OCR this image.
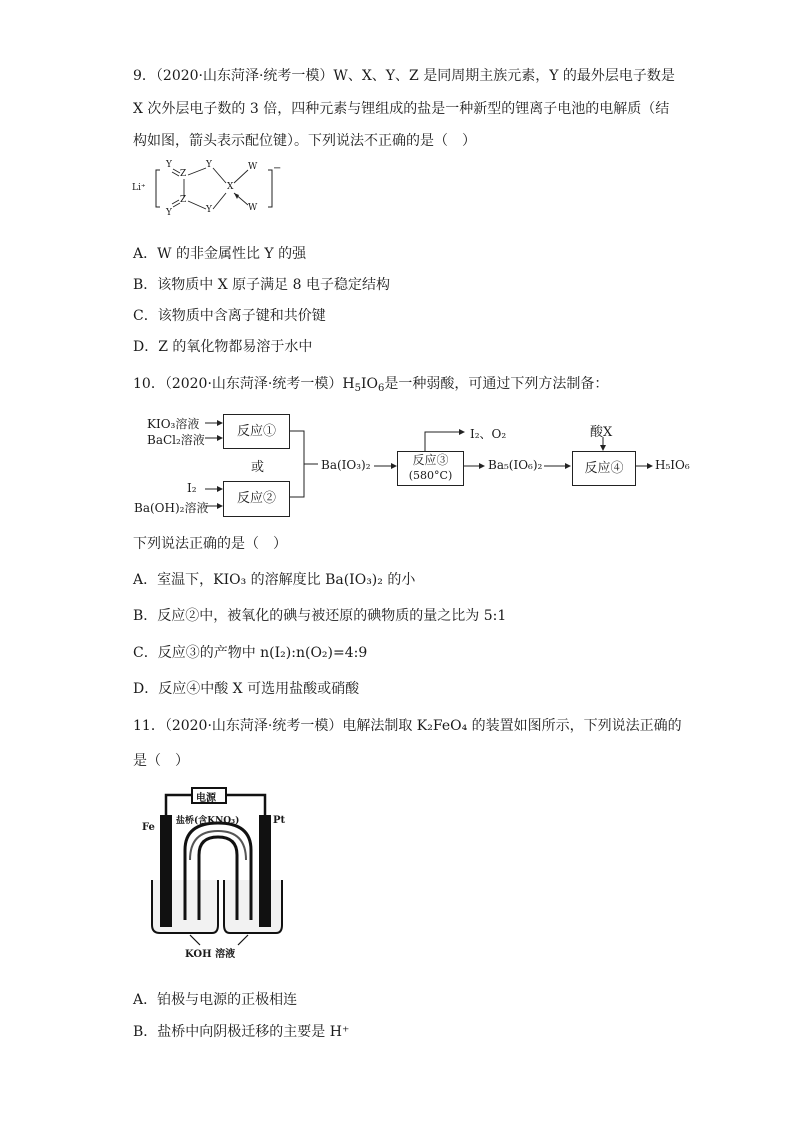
9．（2020·山东菏泽·统考一模）W、X、Y、Z 是同周期主族元素，Y 的最外层电子数是
X 次外层电子数的 3 倍，四种元素与锂组成的盐是一种新型的锂离子电池的电解质（结
构如图，箭头表示配位键）。下列说法不正确的是（　）
Li⁺
Y
Z
Y
X
W
Z
Y
Y	W
−
A．W 的非金属性比 Y 的强
B．该物质中 X 原子满足 8 电子稳定结构
C．该物质中含离子键和共价键
D．Z 的氧化物都易溶于水中
10．（2020·山东菏泽·统考一模）$H_5IO_6$是一种弱酸，可通过下列方法制备：
KIO₃溶液
BaCl₂溶液
反应①
或
I₂
Ba(OH)₂溶液
反应②
Ba(IO₃)₂	反应③
(580°C)
I₂、O₂
Ba₅(IO₆)₂
酸X
反应④	H₅IO₆
下列说法正确的是（　）
A．室温下，KIO₃ 的溶解度比 Ba(IO₃)₂ 的小
B．反应②中，被氧化的碘与被还原的碘物质的量之比为 5:1
C．反应③的产物中 n(I₂):n(O₂)=4:9
D．反应④中酸 X 可选用盐酸或硝酸
11．（2020·山东菏泽·统考一模）电解法制取 K₂FeO₄ 的装置如图所示，下列说法正确的
是（　）
电源
Fe
Pt
盐桥(含KNO₃)
KOH 溶液
A．铂极与电源的正极相连
B．盐桥中向阴极迁移的主要是 H⁺
